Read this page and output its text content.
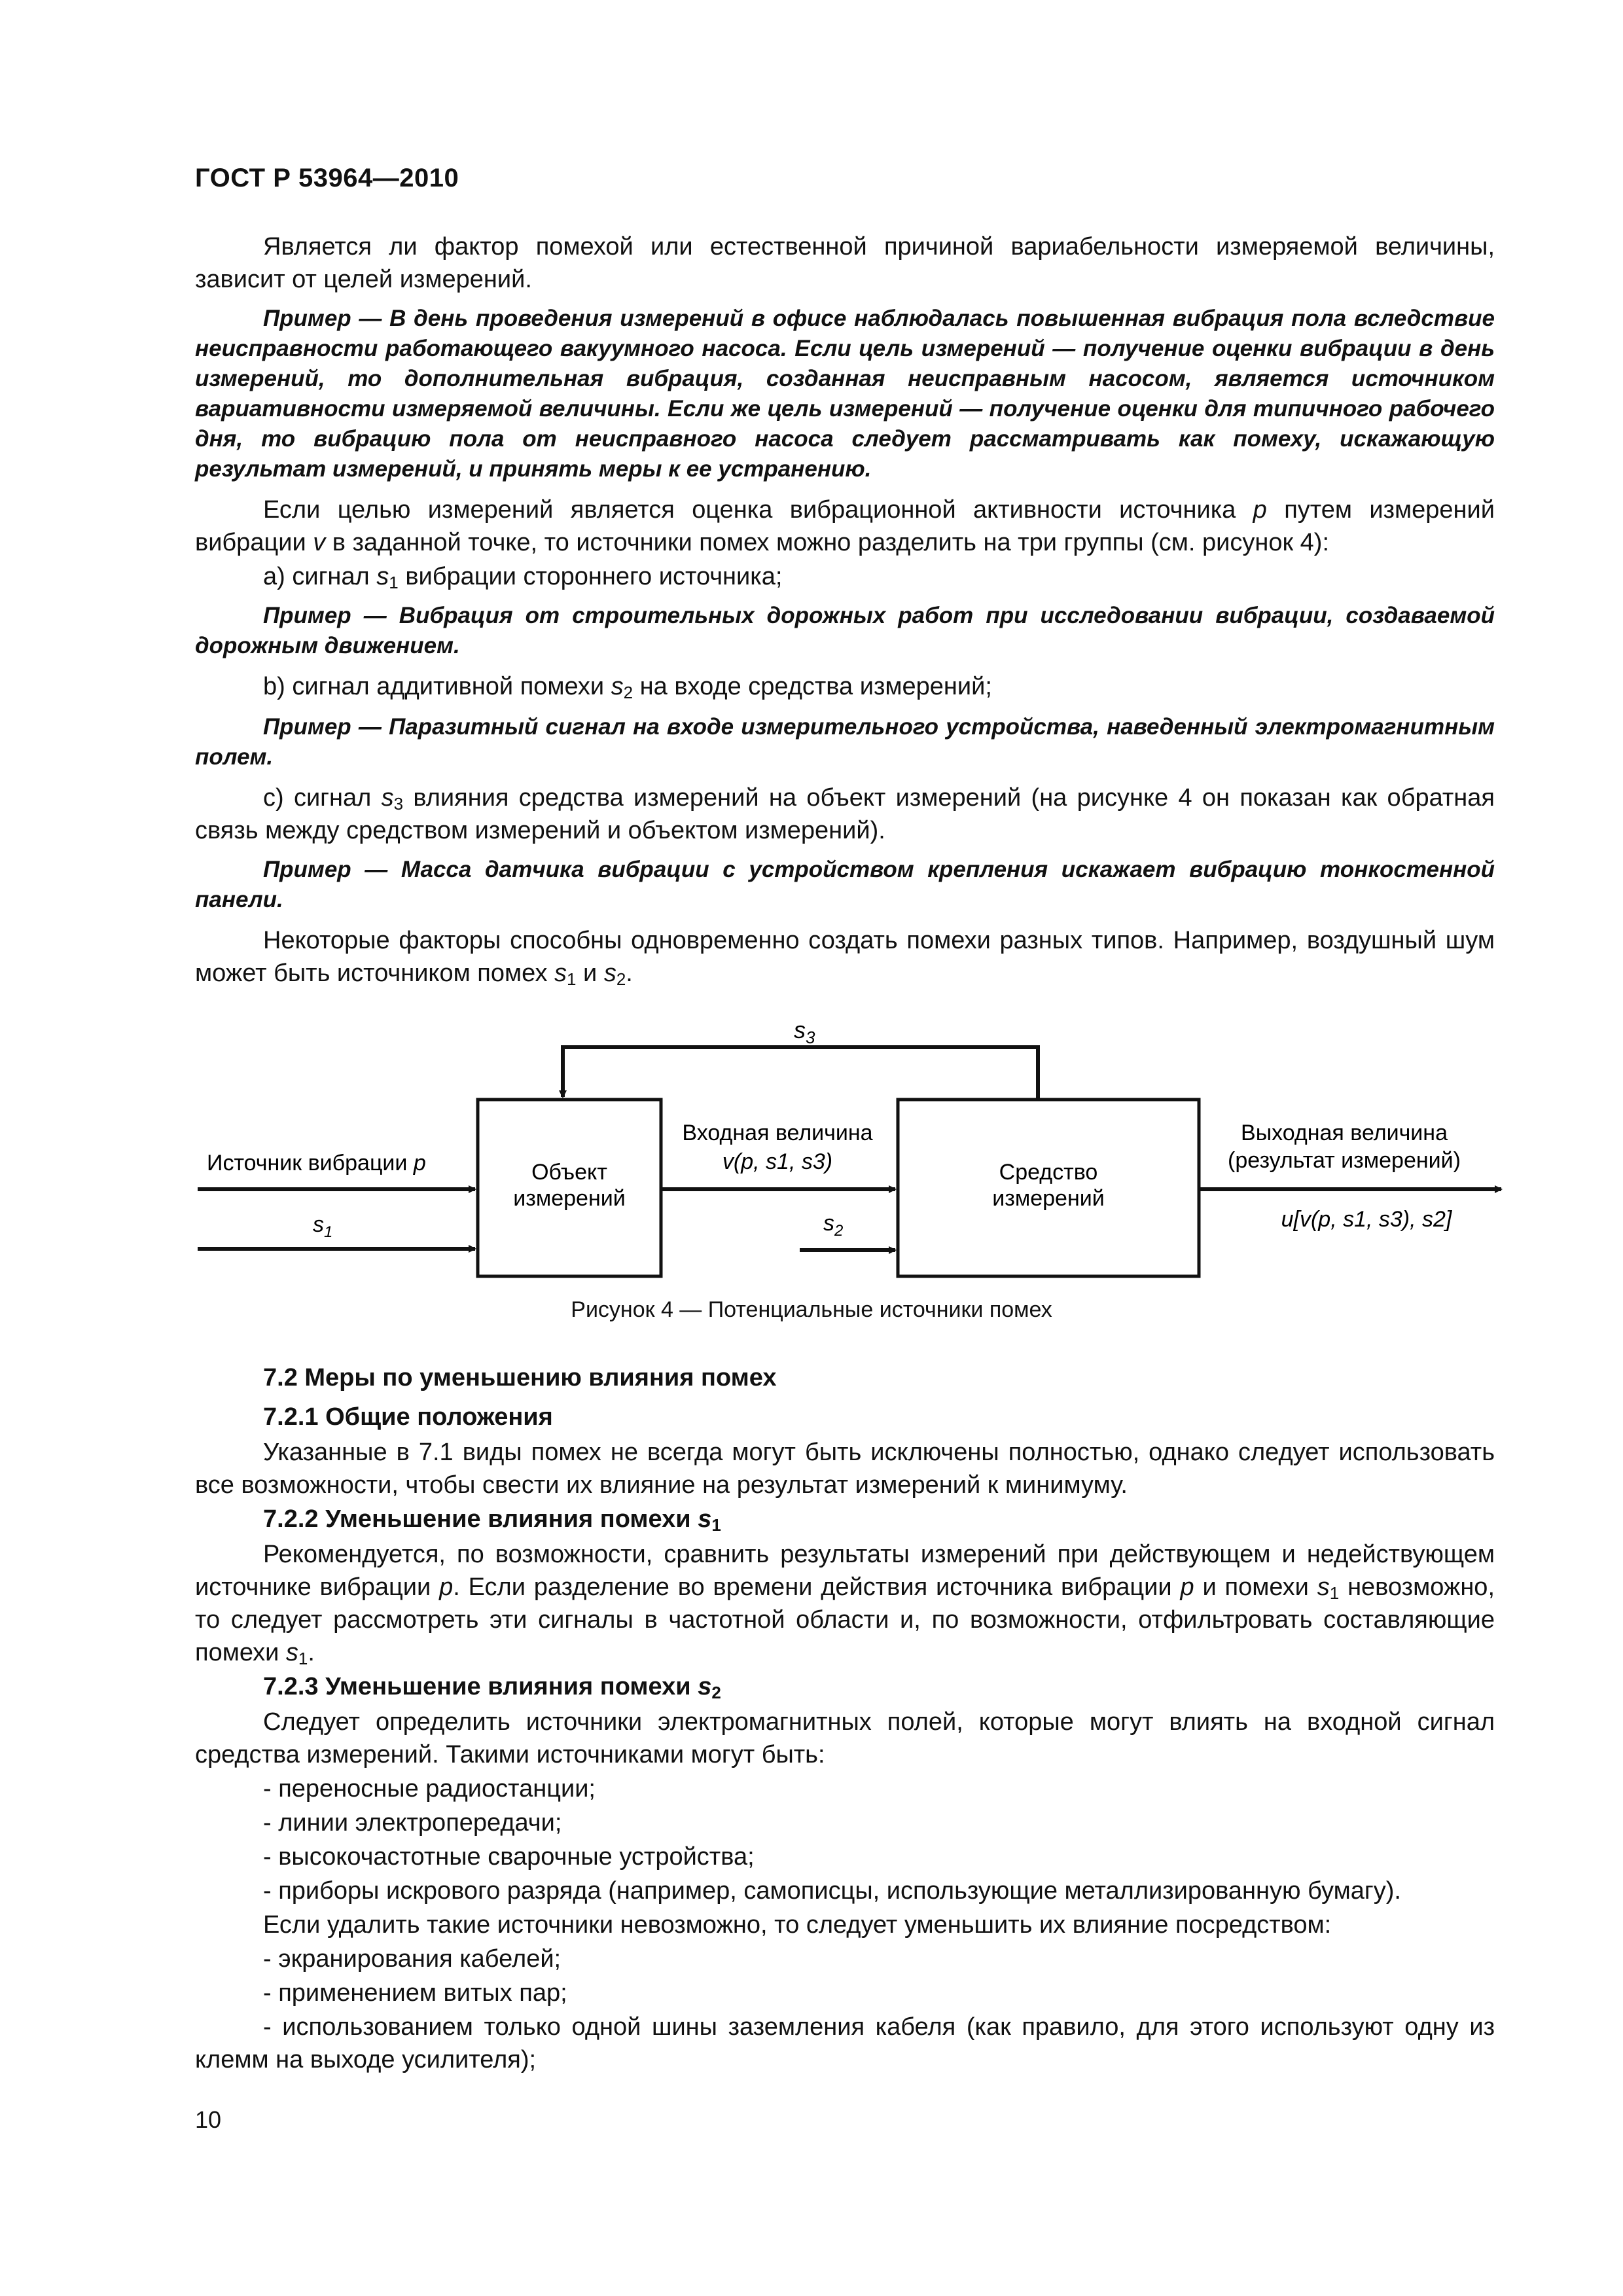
ГОСТ Р 53964—2010

Является ли фактор помехой или естественной причиной вариабельности измеряемой величины, зависит от целей измерений.

Пример — В день проведения измерений в офисе наблюдалась повышенная вибрация пола вследствие неисправности работающего вакуумного насоса. Если цель измерений — получение оценки вибрации в день измерений, то дополнительная вибрация, созданная неисправным насосом, является источником вариативности измеряемой величины. Если же цель измерений — получение оценки для типичного рабочего дня, то вибрацию пола от неисправного насоса следует рассматривать как помеху, искажающую результат измерений, и принять меры к ее устранению.

Если целью измерений является оценка вибрационной активности источника p путем измерений вибрации v в заданной точке, то источники помех можно разделить на три группы (см. рисунок 4):

а) сигнал $s_1$ вибрации стороннего источника;

Пример — Вибрация от строительных дорожных работ при исследовании вибрации, создаваемой дорожным движением.

b) сигнал аддитивной помехи $s_2$ на входе средства измерений;

Пример — Паразитный сигнал на входе измерительного устройства, наведенный электромагнитным полем.

c) сигнал $s_3$ влияния средства измерений на объект измерений (на рисунке 4 он показан как обратная связь между средством измерений и объектом измерений).

Пример — Масса датчика вибрации с устройством крепления искажает вибрацию тонкостенной панели.

Некоторые факторы способны одновременно создать помехи разных типов. Например, воздушный шум может быть источником помех $s_1$ и $s_2$.

$s_3$
Объект
измерений
Средство
измерений
Источник вибрации p
$s_1$
Входная величина
v(p, s1, s3)
$s_2$
Выходная величина
(результат измерений)
u[v(p, s1, s3), s2]
Рисунок 4 — Потенциальные источники помех
7.2 Меры по уменьшению влияния помех
7.2.1 Общие положения

Указанные в 7.1 виды помех не всегда могут быть исключены полностью, однако следует использовать все возможности, чтобы свести их влияние на результат измерений к минимуму.

7.2.2 Уменьшение влияния помехи $s_1$

Рекомендуется, по возможности, сравнить результаты измерений при действующем и недействующем источнике вибрации p. Если разделение во времени действия источника вибрации p и помехи $s_1$ невозможно, то следует рассмотреть эти сигналы в частотной области и, по возможности, отфильтровать составляющие помехи $s_1$.

7.2.3 Уменьшение влияния помехи $s_2$

Следует определить источники электромагнитных полей, которые могут влиять на входной сигнал средства измерений. Такими источниками могут быть:

- переносные радиостанции;

- линии электропередачи;

- высокочастотные сварочные устройства;

- приборы искрового разряда (например, самописцы, использующие металлизированную бумагу).

Если удалить такие источники невозможно, то следует уменьшить их влияние посредством:

- экранирования кабелей;

- применением витых пар;

- использованием только одной шины заземления кабеля (как правило, для этого используют одну из клемм на выходе усилителя);

10
